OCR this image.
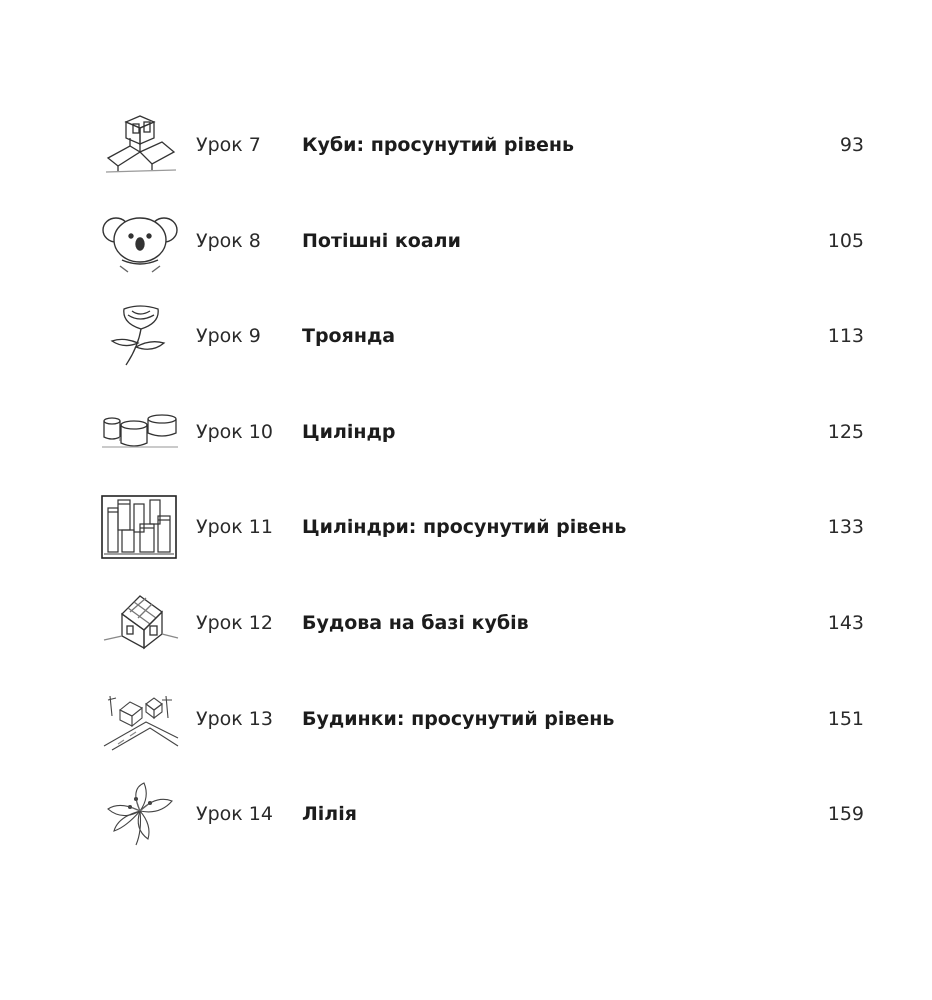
Урок 7 Куби: просунутий рівень	93
Урок 8 Потішні коали	105
Урок 9 Троянда	113
Урок 10 Циліндр	125
Урок 11 Циліндри: просунутий рівень	133
Урок 12 Будова на базі кубів	143
Урок 13 Будинки: просунутий рівень	151
Урок 14 Лілія	159
